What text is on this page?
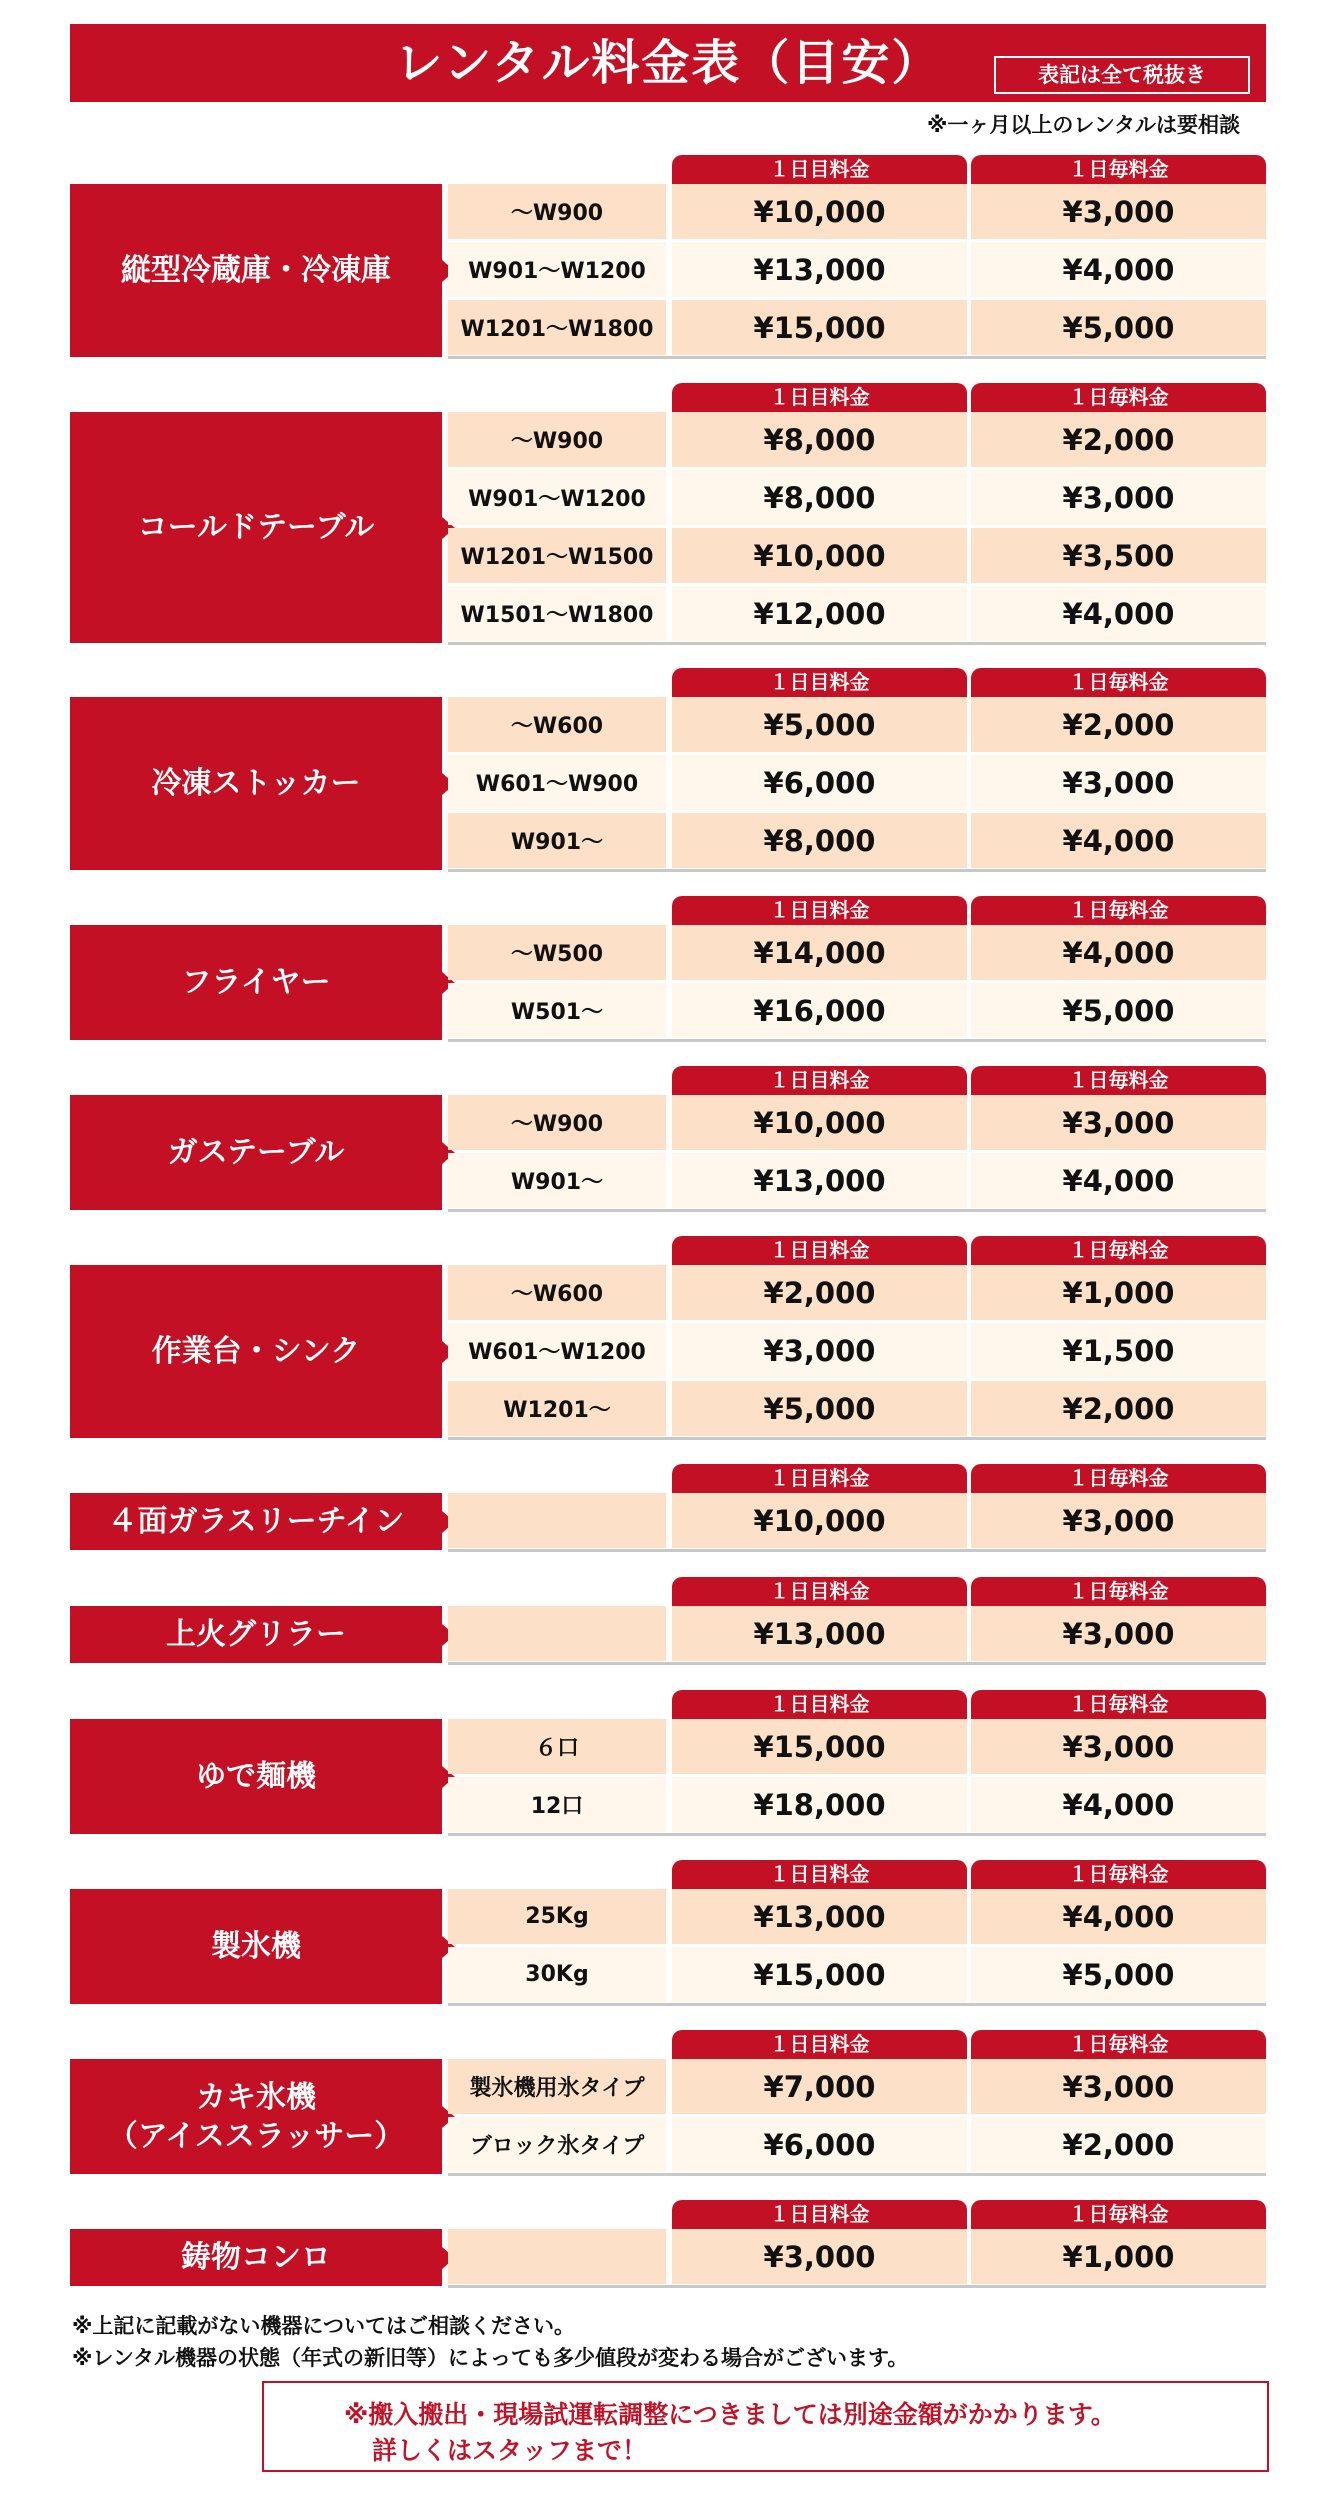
レンタル料金表（目安）	表記は全て税抜き
※一ヶ月以上のレンタルは要相談
１日目料金	１日毎料金
縦型冷蔵庫・冷凍庫
～W900	¥10,000	¥3,000
W901～W1200	¥13,000	¥4,000
W1201～W1800	¥15,000	¥5,000
１日目料金	１日毎料金
コールドテーブル
～W900	¥8,000	¥2,000
W901～W1200	¥8,000	¥3,000
W1201～W1500	¥10,000	¥3,500
W1501～W1800	¥12,000	¥4,000
１日目料金	１日毎料金
冷凍ストッカー
～W600	¥5,000	¥2,000
W601～W900	¥6,000	¥3,000
W901～	¥8,000	¥4,000
１日目料金	１日毎料金
フライヤー
～W500	¥14,000	¥4,000
W501～	¥16,000	¥5,000
１日目料金	１日毎料金
ガステーブル
～W900	¥10,000	¥3,000
W901～	¥13,000	¥4,000
１日目料金	１日毎料金
作業台・シンク
～W600	¥2,000	¥1,000
W601～W1200	¥3,000	¥1,500
W1201～	¥5,000	¥2,000
１日目料金	１日毎料金
４面ガラスリーチイン	¥10,000	¥3,000
１日目料金	１日毎料金
上火グリラー	¥13,000	¥3,000
１日目料金	１日毎料金
ゆで麺機
６口	¥15,000	¥3,000
12口	¥18,000	¥4,000
１日目料金	１日毎料金
製氷機
25Kg	¥13,000	¥4,000
30Kg	¥15,000	¥5,000
１日目料金	１日毎料金
カキ氷機
（アイススラッサー）
製氷機用氷タイプ	¥7,000	¥3,000
ブロック氷タイプ	¥6,000	¥2,000
１日目料金	１日毎料金
鋳物コンロ	¥3,000	¥1,000
※上記に記載がない機器についてはご相談ください。
※レンタル機器の状態（年式の新旧等）によっても多少値段が変わる場合がございます。
※搬入搬出・現場試運転調整につきましては別途金額がかかります。
詳しくはスタッフまで！
